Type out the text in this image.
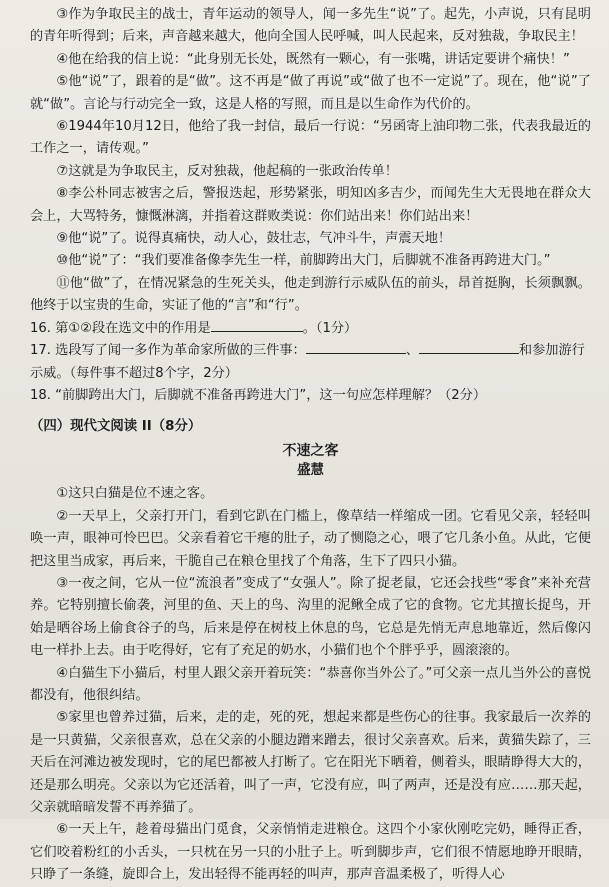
③作为争取民主的战士，青年运动的领导人，闻一多先生“说”了。起先，小声说，只有昆明的青年听得到；后来，声音越来越大，他向全国人民呼喊，叫人民起来，反对独裁，争取民主！

④他在给我的信上说：“此身别无长处，既然有一颗心，有一张嘴，讲话定要讲个痛快！”

⑤他“说”了，跟着的是“做”。这不再是“做了再说”或“做了也不一定说”了。现在，他“说”了就“做”。言论与行动完全一致，这是人格的写照，而且是以生命作为代价的。

⑥1944年10月12日，他给了我一封信，最后一行说：“另函寄上油印物二张，代表我最近的工作之一，请传观。”

⑦这就是为争取民主，反对独裁，他起稿的一张政治传单！

⑧李公朴同志被害之后，警报迭起，形势紧张，明知凶多吉少，而闻先生大无畏地在群众大会上，大骂特务，慷慨淋漓，并指着这群败类说：你们站出来！你们站出来！

⑨他“说”了。说得真痛快，动人心，鼓壮志，气冲斗牛，声震天地！

⑩他“说”了：“我们要准备像李先生一样，前脚跨出大门，后脚就不准备再跨进大门。”

⑪他“做”了，在情况紧急的生死关头，他走到游行示威队伍的前头，昂首挺胸，长须飘飘。他终于以宝贵的生命，实证了他的“言”和“行”。

16. 第①②段在选文中的作用是	。（1分）

17. 选段写了闻一多作为革命家所做的三件事：	、	和参加游行示威。（每件事不超过8个字，2分）

18. “前脚跨出大门，后脚就不准备再跨进大门”，这一句应怎样理解？（2分）

（四）现代文阅读 II（8分）

不速之客

盛慧

①这只白猫是位不速之客。

②一天早上，父亲打开门，看到它趴在门槛上，像草结一样缩成一团。它看见父亲，轻轻叫唤一声，眼神可怜巴巴。父亲看着它干瘪的肚子，动了恻隐之心，喂了它几条小鱼。从此，它便把这里当成家，再后来，干脆自己在粮仓里找了个角落，生下了四只小猫。

③一夜之间，它从一位“流浪者”变成了“女强人”。除了捉老鼠，它还会找些“零食”来补充营养。它特别擅长偷袭，河里的鱼、天上的鸟、沟里的泥鳅全成了它的食物。它尤其擅长捉鸟，开始是晒谷场上偷食谷子的鸟，后来是停在树枝上休息的鸟，它总是先悄无声息地靠近，然后像闪电一样扑上去。由于吃得好，它有了充足的奶水，小猫们也个个胖乎乎，圆滚滚的。

④白猫生下小猫后，村里人跟父亲开着玩笑：“恭喜你当外公了。”可父亲一点儿当外公的喜悦都没有，他很纠结。

⑤家里也曾养过猫，后来，走的走，死的死，想起来都是些伤心的往事。我家最后一次养的是一只黄猫，父亲很喜欢，总在父亲的小腿边蹭来蹭去，很讨父亲喜欢。后来，黄猫失踪了，三天后在河滩边被发现时，它的尾巴都被人打断了。它在阳光下晒着，侧着头，眼睛睁得大大的，还是那么明亮。父亲以为它还活着，叫了一声，它没有应，叫了两声，还是没有应……那天起，父亲就暗暗发誓不再养猫了。

⑥一天上午，趁着母猫出门觅食，父亲悄悄走进粮仓。这四个小家伙刚吃完奶，睡得正香，它们咬着粉红的小舌头，一只枕在另一只的小肚子上。听到脚步声，它们很不情愿地睁开眼睛，只睁了一条缝，旋即合上，发出轻得不能再轻的叫声，那声音温柔极了，听得人心
